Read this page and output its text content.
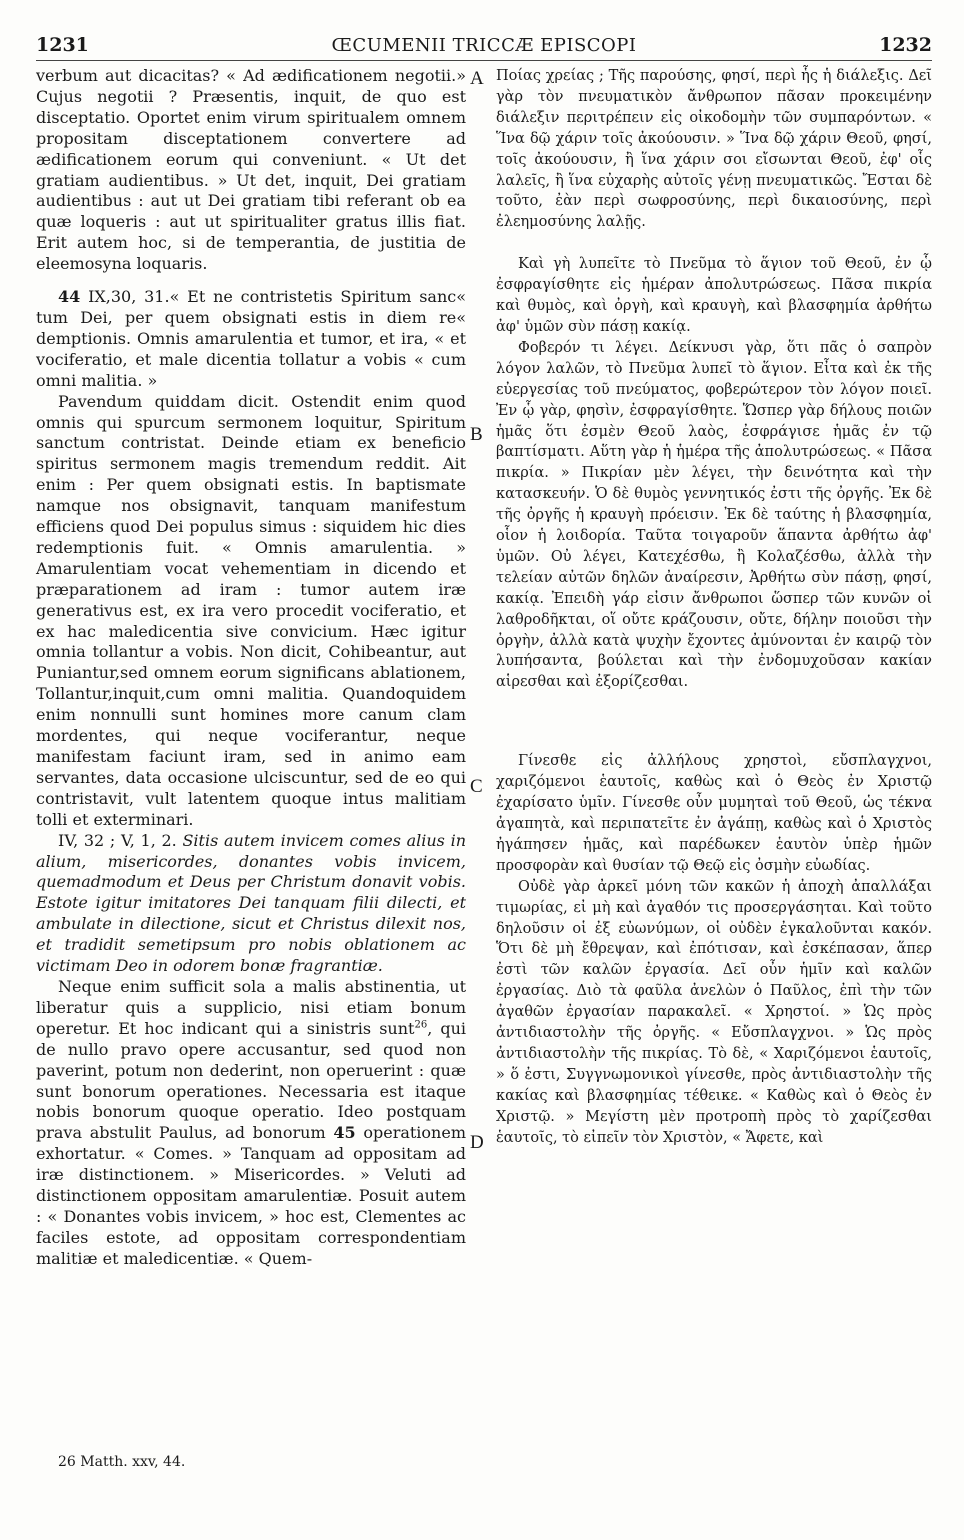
1231	ŒCUMENII TRICCÆ EPISCOPI	1232

verbum aut dicacitas? « Ad ædificationem negotii.» Cujus negotii ? Præsentis, inquit, de quo est disceptatio. Oportet enim virum spiritualem omnem propositam disceptationem convertere ad ædificationem eorum qui conveniunt. « Ut det gratiam audientibus. » Ut det, inquit, Dei gratiam audientibus : aut ut Dei gratiam tibi referant ob ea quæ loqueris : aut ut spiritualiter gratus illis fiat. Erit autem hoc, si de temperantia, de justitia de eleemosyna loquaris.

44 IX,30, 31.« Et ne contristetis Spiritum sanc« tum Dei, per quem obsignati estis in diem re« demptionis. Omnis amarulentia et tumor, et ira, « et vociferatio, et male dicentia tollatur a vobis « cum omni malitia. »

Pavendum quiddam dicit. Ostendit enim quod omnis qui spurcum sermonem loquitur, Spiritum sanctum contristat. Deinde etiam ex beneficio spiritus sermonem magis tremendum reddit. Ait enim : Per quem obsignati estis. In baptismate namque nos obsignavit, tanquam manifestum efficiens quod Dei populus simus : siquidem hic dies redemptionis fuit. « Omnis amarulentia. » Amarulentiam vocat vehementiam in dicendo et præparationem ad iram : tumor autem iræ generativus est, ex ira vero procedit vociferatio, et ex hac maledicentia sive convicium. Hæc igitur omnia tollantur a vobis. Non dicit, Cohibeantur, aut Puniantur,sed omnem eorum significans ablationem, Tollantur,inquit,cum omni malitia. Quandoquidem enim nonnulli sunt homines more canum clam mordentes, qui neque vociferantur, neque manifestam faciunt iram, sed in animo eam servantes, data occasione ulciscuntur, sed de eo qui contristavit, vult latentem quoque intus malitiam tolli et exterminari.

IV, 32 ; V, 1, 2. Sitis autem invicem comes alius in alium, misericordes, donantes vobis invicem, quemadmodum et Deus per Christum donavit vobis. Estote igitur imitatores Dei tanquam filii dilecti, et ambulate in dilectione, sicut et Christus dilexit nos, et tradidit semetipsum pro nobis oblationem ac victimam Deo in odorem bonæ fragrantiæ.

Neque enim sufficit sola a malis abstinentia, ut liberatur quis a supplicio, nisi etiam bonum operetur. Et hoc indicant qui a sinistris sunt$^{26}$, qui de nullo pravo opere accusantur, sed quod non paverint, potum non dederint, non operuerint : quæ sunt bonorum operationes. Necessaria est itaque nobis bonorum quoque operatio. Ideo postquam prava abstulit Paulus, ad bonorum 45 operationem exhortatur. « Comes. » Tanquam ad oppositam ad iræ distinctionem. » Misericordes. » Veluti ad distinctionem oppositam amarulentiæ. Posuit autem : « Donantes vobis invicem, » hoc est, Clementes ac faciles estote, ad oppositam correspondentiam malitiæ et maledicentiæ. « Quem-

Ποίας χρείας ; Τῆς παρούσης, φησί, περὶ ἧς ἡ διάλεξις. Δεῖ γὰρ τὸν πνευματικὸν ἄνθρωπον πᾶσαν προκειμένην διάλεξιν περιτρέπειν εἰς οἰκοδομὴν τῶν συμπαρόντων. « Ἵνα δῷ χάριν τοῖς ἀκούουσιν. » Ἵνα δῷ χάριν Θεοῦ, φησί, τοῖς ἀκούουσιν, ἢ ἵνα χάριν σοι εἴσωνται Θεοῦ, ἐφ' οἷς λαλεῖς, ἢ ἵνα εὐχαρὴς αὐτοῖς γένῃ πνευματικῶς. Ἔσται δὲ τοῦτο, ἐὰν περὶ σωφροσύνης, περὶ δικαιοσύνης, περὶ ἐλεημοσύνης λαλῇς.

Καὶ γὴ λυπεῖτε τὸ Πνεῦμα τὸ ἅγιον τοῦ Θεοῦ, ἐν ᾧ ἐσφραγίσθητε εἰς ἡμέραν ἀπολυτρώσεως. Πᾶσα πικρία καὶ θυμὸς, καὶ ὀργὴ, καὶ κραυγὴ, καὶ βλασφημία ἀρθήτω ἀφ' ὑμῶν σὺν πάσῃ κακίᾳ.

Φοβερόν τι λέγει. Δείκνυσι γὰρ, ὅτι πᾶς ὁ σαπρὸν λόγον λαλῶν, τὸ Πνεῦμα λυπεῖ τὸ ἅγιον. Εἶτα καὶ ἐκ τῆς εὐεργεσίας τοῦ πνεύματος, φοβερώτερον τὸν λόγον ποιεῖ. Ἐν ᾧ γὰρ, φησὶν, ἐσφραγίσθητε. Ὥσπερ γὰρ δήλους ποιῶν ἡμᾶς ὅτι ἐσμὲν Θεοῦ λαὸς, ἐσφράγισε ἡμᾶς ἐν τῷ βαπτίσματι. Αὕτη γὰρ ἡ ἡμέρα τῆς ἀπολυτρώσεως. « Πᾶσα πικρία. » Πικρίαν μὲν λέγει, τὴν δεινότητα καὶ τὴν κατασκευήν. Ὁ δὲ θυμὸς γεννητικός ἐστι τῆς ὀργῆς. Ἐκ δὲ τῆς ὀργῆς ἡ κραυγὴ πρόεισιν. Ἐκ δὲ ταύτης ἡ βλασφημία, οἷον ἡ λοιδορία. Ταῦτα τοιγαροῦν ἅπαντα ἀρθήτω ἀφ' ὑμῶν. Οὐ λέγει, Κατεχέσθω, ἢ Κολαζέσθω, ἀλλὰ τὴν τελείαν αὐτῶν δηλῶν ἀναίρεσιν, Ἀρθήτω σὺν πάσῃ, φησί, κακίᾳ. Ἐπειδὴ γάρ εἰσιν ἄνθρωποι ὥσπερ τῶν κυνῶν οἱ λαθροδῆκται, οἵ οὔτε κράζουσιν, οὔτε, δήλην ποιοῦσι τὴν ὀργὴν, ἀλλὰ κατὰ ψυχὴν ἔχοντες ἀμύνονται ἐν καιρῷ τὸν λυπήσαντα, βούλεται καὶ τὴν ἐνδομυχοῦσαν κακίαν αἱρεσθαι καὶ ἐξορίζεσθαι.

Γίνεσθε εἰς ἀλλήλους χρηστοὶ, εὔσπλαγχνοι, χαριζόμενοι ἑαυτοῖς, καθὼς καὶ ὁ Θεὸς ἐν Χριστῷ ἐχαρίσατο ὑμῖν. Γίνεσθε οὖν μυμηταὶ τοῦ Θεοῦ, ὡς τέκνα ἀγαπητὰ, καὶ περιπατεῖτε ἐν ἀγάπῃ, καθὼς καὶ ὁ Χριστὸς ἠγάπησεν ἡμᾶς, καὶ παρέδωκεν ἑαυτὸν ὑπὲρ ἡμῶν προσφορὰν καὶ θυσίαν τῷ Θεῷ εἰς ὀσμὴν εὐωδίας.

Οὐδὲ γὰρ ἀρκεῖ μόνη τῶν κακῶν ἡ ἀποχὴ ἀπαλλάξαι τιμωρίας, εἰ μὴ καὶ ἀγαθόν τις προσεργάσηται. Καὶ τοῦτο δηλοῦσιν οἱ ἐξ εὐωνύμων, οἱ οὐδὲν ἐγκαλοῦνται κακόν. Ὅτι δὲ μὴ ἔθρεψαν, καὶ ἐπότισαν, καὶ ἐσκέπασαν, ἅπερ ἐστὶ τῶν καλῶν ἐργασία. Δεῖ οὖν ἡμῖν καὶ καλῶν ἐργασίας. Διὸ τὰ φαῦλα ἀνελὼν ὁ Παῦλος, ἐπὶ τὴν τῶν ἀγαθῶν ἐργασίαν παρακαλεῖ. « Χρηστοί. » Ὡς πρὸς ἀντιδιαστολὴν τῆς ὀργῆς. « Εὔσπλαγχνοι. » Ὡς πρὸς ἀντιδιαστολὴν τῆς πικρίας. Τὸ δὲ, « Χαριζόμενοι ἑαυτοῖς, » ὅ ἐστι, Συγγνωμονικοὶ γίνεσθε, πρὸς ἀντιδιαστολὴν τῆς κακίας καὶ βλασφημίας τέθεικε. « Καθὼς καὶ ὁ Θεὸς ἐν Χριστῷ. » Μεγίστη μὲν προτροπὴ πρὸς τὸ χαρίζεσθαι ἑαυτοῖς, τὸ εἰπεῖν τὸν Χριστὸν, « Ἄφετε, καὶ

A
B
C
D
26 Matth. xxv, 44.
